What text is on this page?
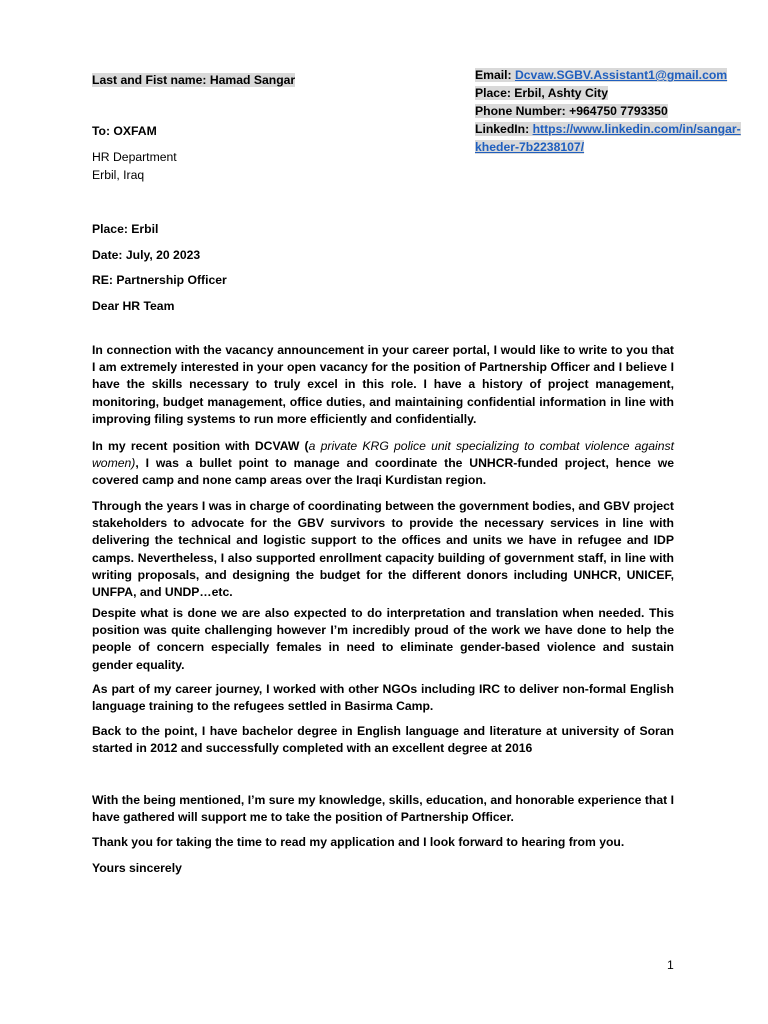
Last and Fist name: Hamad Sangar	Email: Dcvaw.SGBV.Assistant1@gmail.com
Place: Erbil, Ashty City
Phone Number: +964750 7793350
LinkedIn: https://www.linkedin.com/in/sangar-
kheder-7b2238107/
To: OXFAM
HR Department
Erbil, Iraq
Place: Erbil
Date: July, 20 2023
RE: Partnership Officer
Dear HR Team

In connection with the vacancy announcement in your career portal, I would like to write to you that I am extremely interested in your open vacancy for the position of Partnership Officer and I believe I have the skills necessary to truly excel in this role. I have a history of project management, monitoring, budget management, office duties, and maintaining confidential information in line with improving filing systems to run more efficiently and confidentially.

In my recent position with DCVAW (a private KRG police unit specializing to combat violence against women), I was a bullet point to manage and coordinate the UNHCR-funded project, hence we covered camp and none camp areas over the Iraqi Kurdistan region.

Through the years I was in charge of coordinating between the government bodies, and GBV project stakeholders to advocate for the GBV survivors to provide the necessary services in line with delivering the technical and logistic support to the offices and units we have in refugee and IDP camps. Nevertheless, I also supported enrollment capacity building of government staff, in line with writing proposals, and designing the budget for the different donors including UNHCR, UNICEF, UNFPA, and UNDP…etc.

Despite what is done we are also expected to do interpretation and translation when needed. This position was quite challenging however I’m incredibly proud of the work we have done to help the people of concern especially females in need to eliminate gender-based violence and sustain gender equality.

As part of my career journey, I worked with other NGOs including IRC to deliver non-formal English language training to the refugees settled in Basirma Camp.

Back to the point, I have bachelor degree in English language and literature at university of Soran started in 2012 and successfully completed with an excellent degree at 2016

With the being mentioned, I’m sure my knowledge, skills, education, and honorable experience that I have gathered will support me to take the position of Partnership Officer.

Thank you for taking the time to read my application and I look forward to hearing from you.

Yours sincerely

1
